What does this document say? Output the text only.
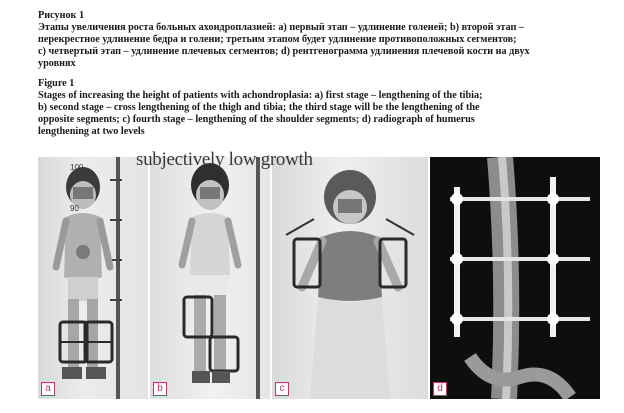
Рисунок 1
Этапы увеличения роста больных ахондроплазией: a) первый этап – удлинение голеней; b) второй этап –
перекрестное удлинение бедра и голени; третьим этапом будет удлинение противоположных сегментов;
c) четвертый этап – удлинение плечевых сегментов; d) рентгенограмма удлинения плечевой кости на двух
уровнях
Figure 1
Stages of increasing the height of patients with achondroplasia: a) first stage – lengthening of the tibia;
b) second stage – cross lengthening of the thigh and tibia; the third stage will be the lengthening of the
opposite segments; c) fourth stage – lengthening of the shoulder segments; d) radiograph of humerus
lengthening at two levels
100
90
a	b	c	d
subjectively low growth
